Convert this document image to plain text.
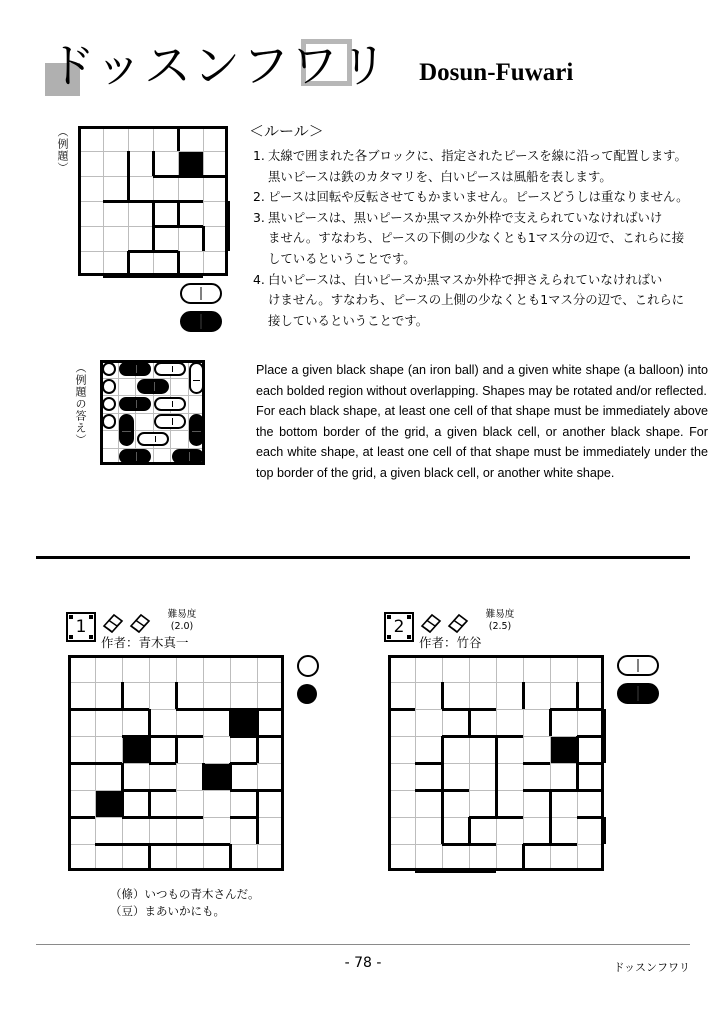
ドッスンフワリ Dosun-Fuwari
（例題）
（例題の答え）
＜ルール＞
1. 太線で囲まれた各ブロックに、指定されたピースを線に沿って配置します。
黒いピースは鉄のカタマリを、白いピースは風船を表します。
2. ピースは回転や反転させてもかまいません。ピースどうしは重なりません。
3. 黒いピースは、黒いピースか黒マスか外枠で支えられていなければいけ
ません。すなわち、ピースの下側の少なくとも1マス分の辺で、これらに接
しているということです。
4. 白いピースは、白いピースか黒マスか外枠で押さえられていなければい
けません。すなわち、ピースの上側の少なくとも1マス分の辺で、これらに
接しているということです。

Place a given black shape (an iron ball) and a given white shape (a balloon) into each bolded region without overlapping. Shapes may be rotated and/or reflected.

For each black shape, at least one cell of that shape must be immediately above the bottom border of the grid, a given black cell, or another black shape. For each white shape, at least one cell of that shape must be immediately under the top border of the grid, a given black cell, or another white shape.

1
難易度
(2.0)
作者：青木真一
2
難易度
(2.5)
作者：竹谷
（條）いつもの青木さんだ。
（豆）まあいかにも。
- 78 -	ドッスンフワリ
